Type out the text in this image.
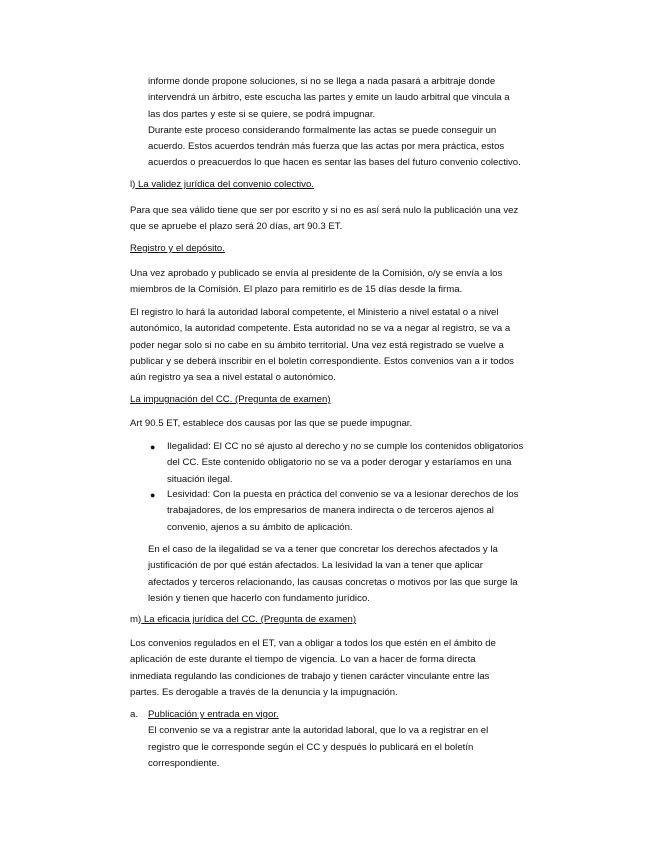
informe donde propone soluciones, si no se llega a nada pasará a arbitraje donde

intervendrá un árbitro, este escucha las partes y emite un laudo arbitral que vincula a

las dos partes y este si se quiere, se podrá impugnar.

Durante este proceso considerando formalmente las actas se puede conseguir un

acuerdo. Estos acuerdos tendrán más fuerza que las actas por mera práctica, estos

acuerdos o preacuerdos lo que hacen es sentar las bases del futuro convenio colectivo.

l) La validez jurídica del convenio colectivo.

Para que sea válido tiene que ser por escrito y si no es así será nulo la publicación una vez

que se apruebe el plazo será 20 días, art 90.3 ET.

Registro y el depósito.

Una vez aprobado y publicado se envía al presidente de la Comisión, o/y se envía a los

miembros de la Comisión. El plazo para remitirlo es de 15 días desde la firma.

El registro lo hará la autoridad laboral competente, el Ministerio a nivel estatal o a nivel

autonómico, la autoridad competente. Esta autoridad no se va a negar al registro, se va a

poder negar solo si no cabe en su ámbito territorial. Una vez está registrado se vuelve a

publicar y se deberá inscribir en el boletín correspondiente. Estos convenios van a ir todos

aún registro ya sea a nivel estatal o autonómico.

La impugnación del CC. (Pregunta de examen)

Art 90.5 ET, establece dos causas por las que se puede impugnar.

●	Ilegalidad: El CC no sé ajusto al derecho y no se cumple los contenidos obligatorios

del CC. Este contenido obligatorio no se va a poder derogar y estaríamos en una

situación ilegal.

●	Lesividad: Con la puesta en práctica del convenio se va a lesionar derechos de los

trabajadores, de los empresarios de manera indirecta o de terceros ajenos al

convenio, ajenos a su ámbito de aplicación.

En el caso de la ilegalidad se va a tener que concretar los derechos afectados y la

justificación de por qué están afectados. La lesividad la van a tener que aplicar

afectados y terceros relacionando, las causas concretas o motivos por las que surge la

lesión y tienen que hacerlo con fundamento jurídico.

m) La eficacia jurídica del CC. (Pregunta de examen)

Los convenios regulados en el ET, van a obligar a todos los que estén en el ámbito de

aplicación de este durante el tiempo de vigencia. Lo van a hacer de forma directa

inmediata regulando las condiciones de trabajo y tienen carácter vinculante entre las

partes. Es derogable a través de la denuncia y la impugnación.

a. Publicación y entrada en vigor.

El convenio se va a registrar ante la autoridad laboral, que lo va a registrar en el

registro que le corresponde según el CC y después lo publicará en el boletín

correspondiente.
